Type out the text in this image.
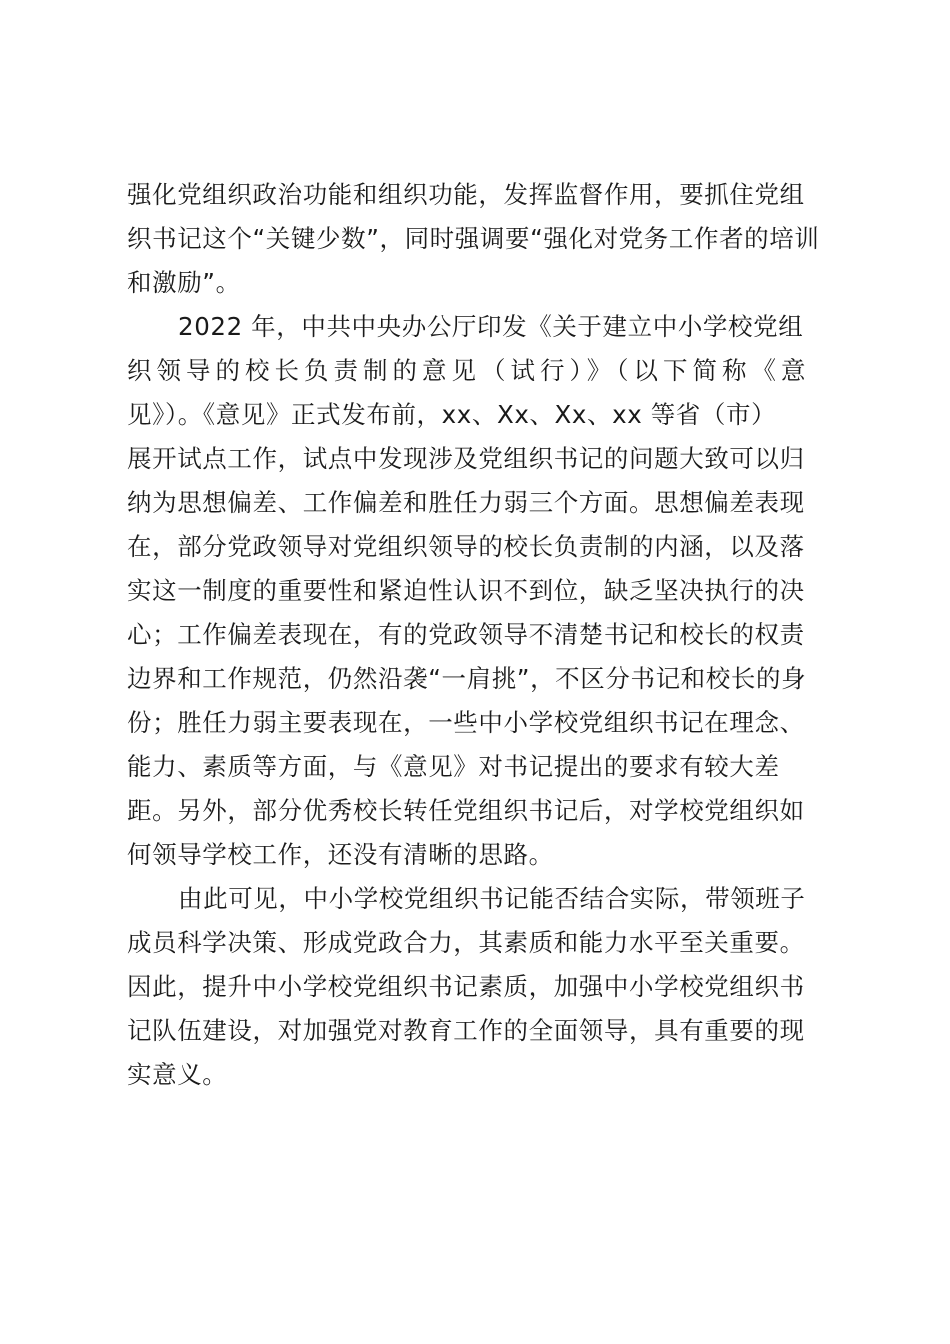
强化党组织政治功能和组织功能，发挥监督作用，要抓住党组
织书记这个“关键少数”，同时强调要“强化对党务工作者的培训
和激励”。
2022 年，中共中央办公厅印发《关于建立中小学校党组
织领导的校长负责制的意见（试行）》（以下简称《意
见》）。《意见》正式发布前，xx、Xx、Xx、xx 等省（市）
展开试点工作，试点中发现涉及党组织书记的问题大致可以归
纳为思想偏差、工作偏差和胜任力弱三个方面。思想偏差表现
在，部分党政领导对党组织领导的校长负责制的内涵，以及落
实这一制度的重要性和紧迫性认识不到位，缺乏坚决执行的决
心；工作偏差表现在，有的党政领导不清楚书记和校长的权责
边界和工作规范，仍然沿袭“一肩挑”，不区分书记和校长的身
份；胜任力弱主要表现在，一些中小学校党组织书记在理念、
能力、素质等方面，与《意见》对书记提出的要求有较大差
距。另外，部分优秀校长转任党组织书记后，对学校党组织如
何领导学校工作，还没有清晰的思路。
由此可见，中小学校党组织书记能否结合实际，带领班子
成员科学决策、形成党政合力，其素质和能力水平至关重要。
因此，提升中小学校党组织书记素质，加强中小学校党组织书
记队伍建设，对加强党对教育工作的全面领导，具有重要的现
实意义。
